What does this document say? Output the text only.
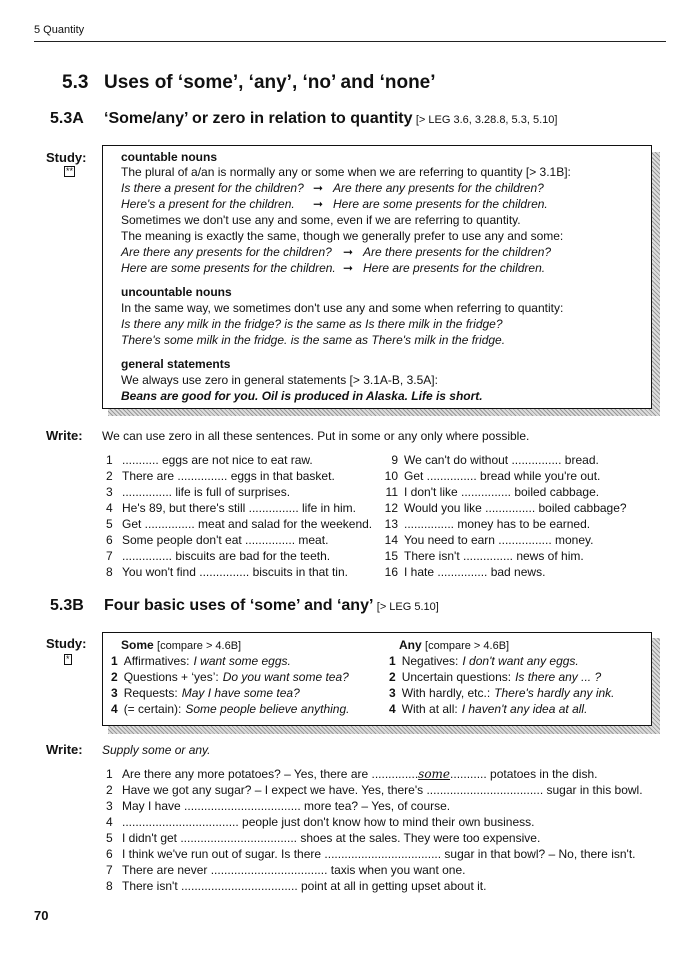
5 Quantity
5.3 Uses of ‘some’, ‘any’, ‘no’ and ‘none’
5.3A ‘Some/any’ or zero in relation to quantity [> LEG 3.6, 3.28.8, 5.3, 5.10]
Study:
**
countable nouns
The plural of a/an is normally any or some when we are referring to quantity [> 3.1B]:
Is there a present for the children? ➞ Are there any presents for the children?
Here's a present for the children. ➞ Here are some presents for the children.
Sometimes we don't use any and some, even if we are referring to quantity.
The meaning is exactly the same, though we generally prefer to use any and some:
Are there any presents for the children? ➞ Are there presents for the children?
Here are some presents for the children. ➞ Here are presents for the children.
uncountable nouns
In the same way, we sometimes don't use any and some when referring to quantity:
Is there any milk in the fridge? is the same as Is there milk in the fridge?
There's some milk in the fridge. is the same as There's milk in the fridge.
general statements
We always use zero in general statements [> 3.1A-B, 3.5A]:
Beans are good for you. Oil is produced in Alaska. Life is short.
Write: We can use zero in all these sentences. Put in some or any only where possible.
1 ........... eggs are not nice to eat raw.
2 There are ............... eggs in that basket.
3 ............... life is full of surprises.
4 He's 89, but there's still ............... life in him.
5 Get ............... meat and salad for the weekend.
6 Some people don't eat ............... meat.
7 ............... biscuits are bad for the teeth.
8 You won't find ............... biscuits in that tin.
9 We can't do without ............... bread.
10 Get ............... bread while you're out.
11 I don't like ............... boiled cabbage.
12 Would you like ............... boiled cabbage?
13 ............... money has to be earned.
14 You need to earn ................ money.
15 There isn't ............... news of him.
16 I hate ............... bad news.
5.3B Four basic uses of ‘some’ and ‘any’ [> LEG 5.10]
Study:
*
Some [compare > 4.6B]	Any [compare > 4.6B]
1 Affirmatives: I want some eggs.	1 Negatives: I don't want any eggs.
2 Questions + ‘yes’: Do you want some tea?	2 Uncertain questions: Is there any ... ?
3 Requests: May I have some tea?	3 With hardly, etc.: There's hardly any ink.
4 (= certain): Some people believe anything.	4 With at all: I haven't any idea at all.
Write: Supply some or any.
1 Are there any more potatoes? – Yes, there are ..............some........... potatoes in the dish.
2 Have we got any sugar? – I expect we have. Yes, there's ................................... sugar in this bowl.
3 May I have ................................... more tea? – Yes, of course.
4 ................................... people just don't know how to mind their own business.
5 I didn't get ................................... shoes at the sales. They were too expensive.
6 I think we've run out of sugar. Is there ................................... sugar in that bowl? – No, there isn't.
7 There are never ................................... taxis when you want one.
8 There isn't ................................... point at all in getting upset about it.
70
